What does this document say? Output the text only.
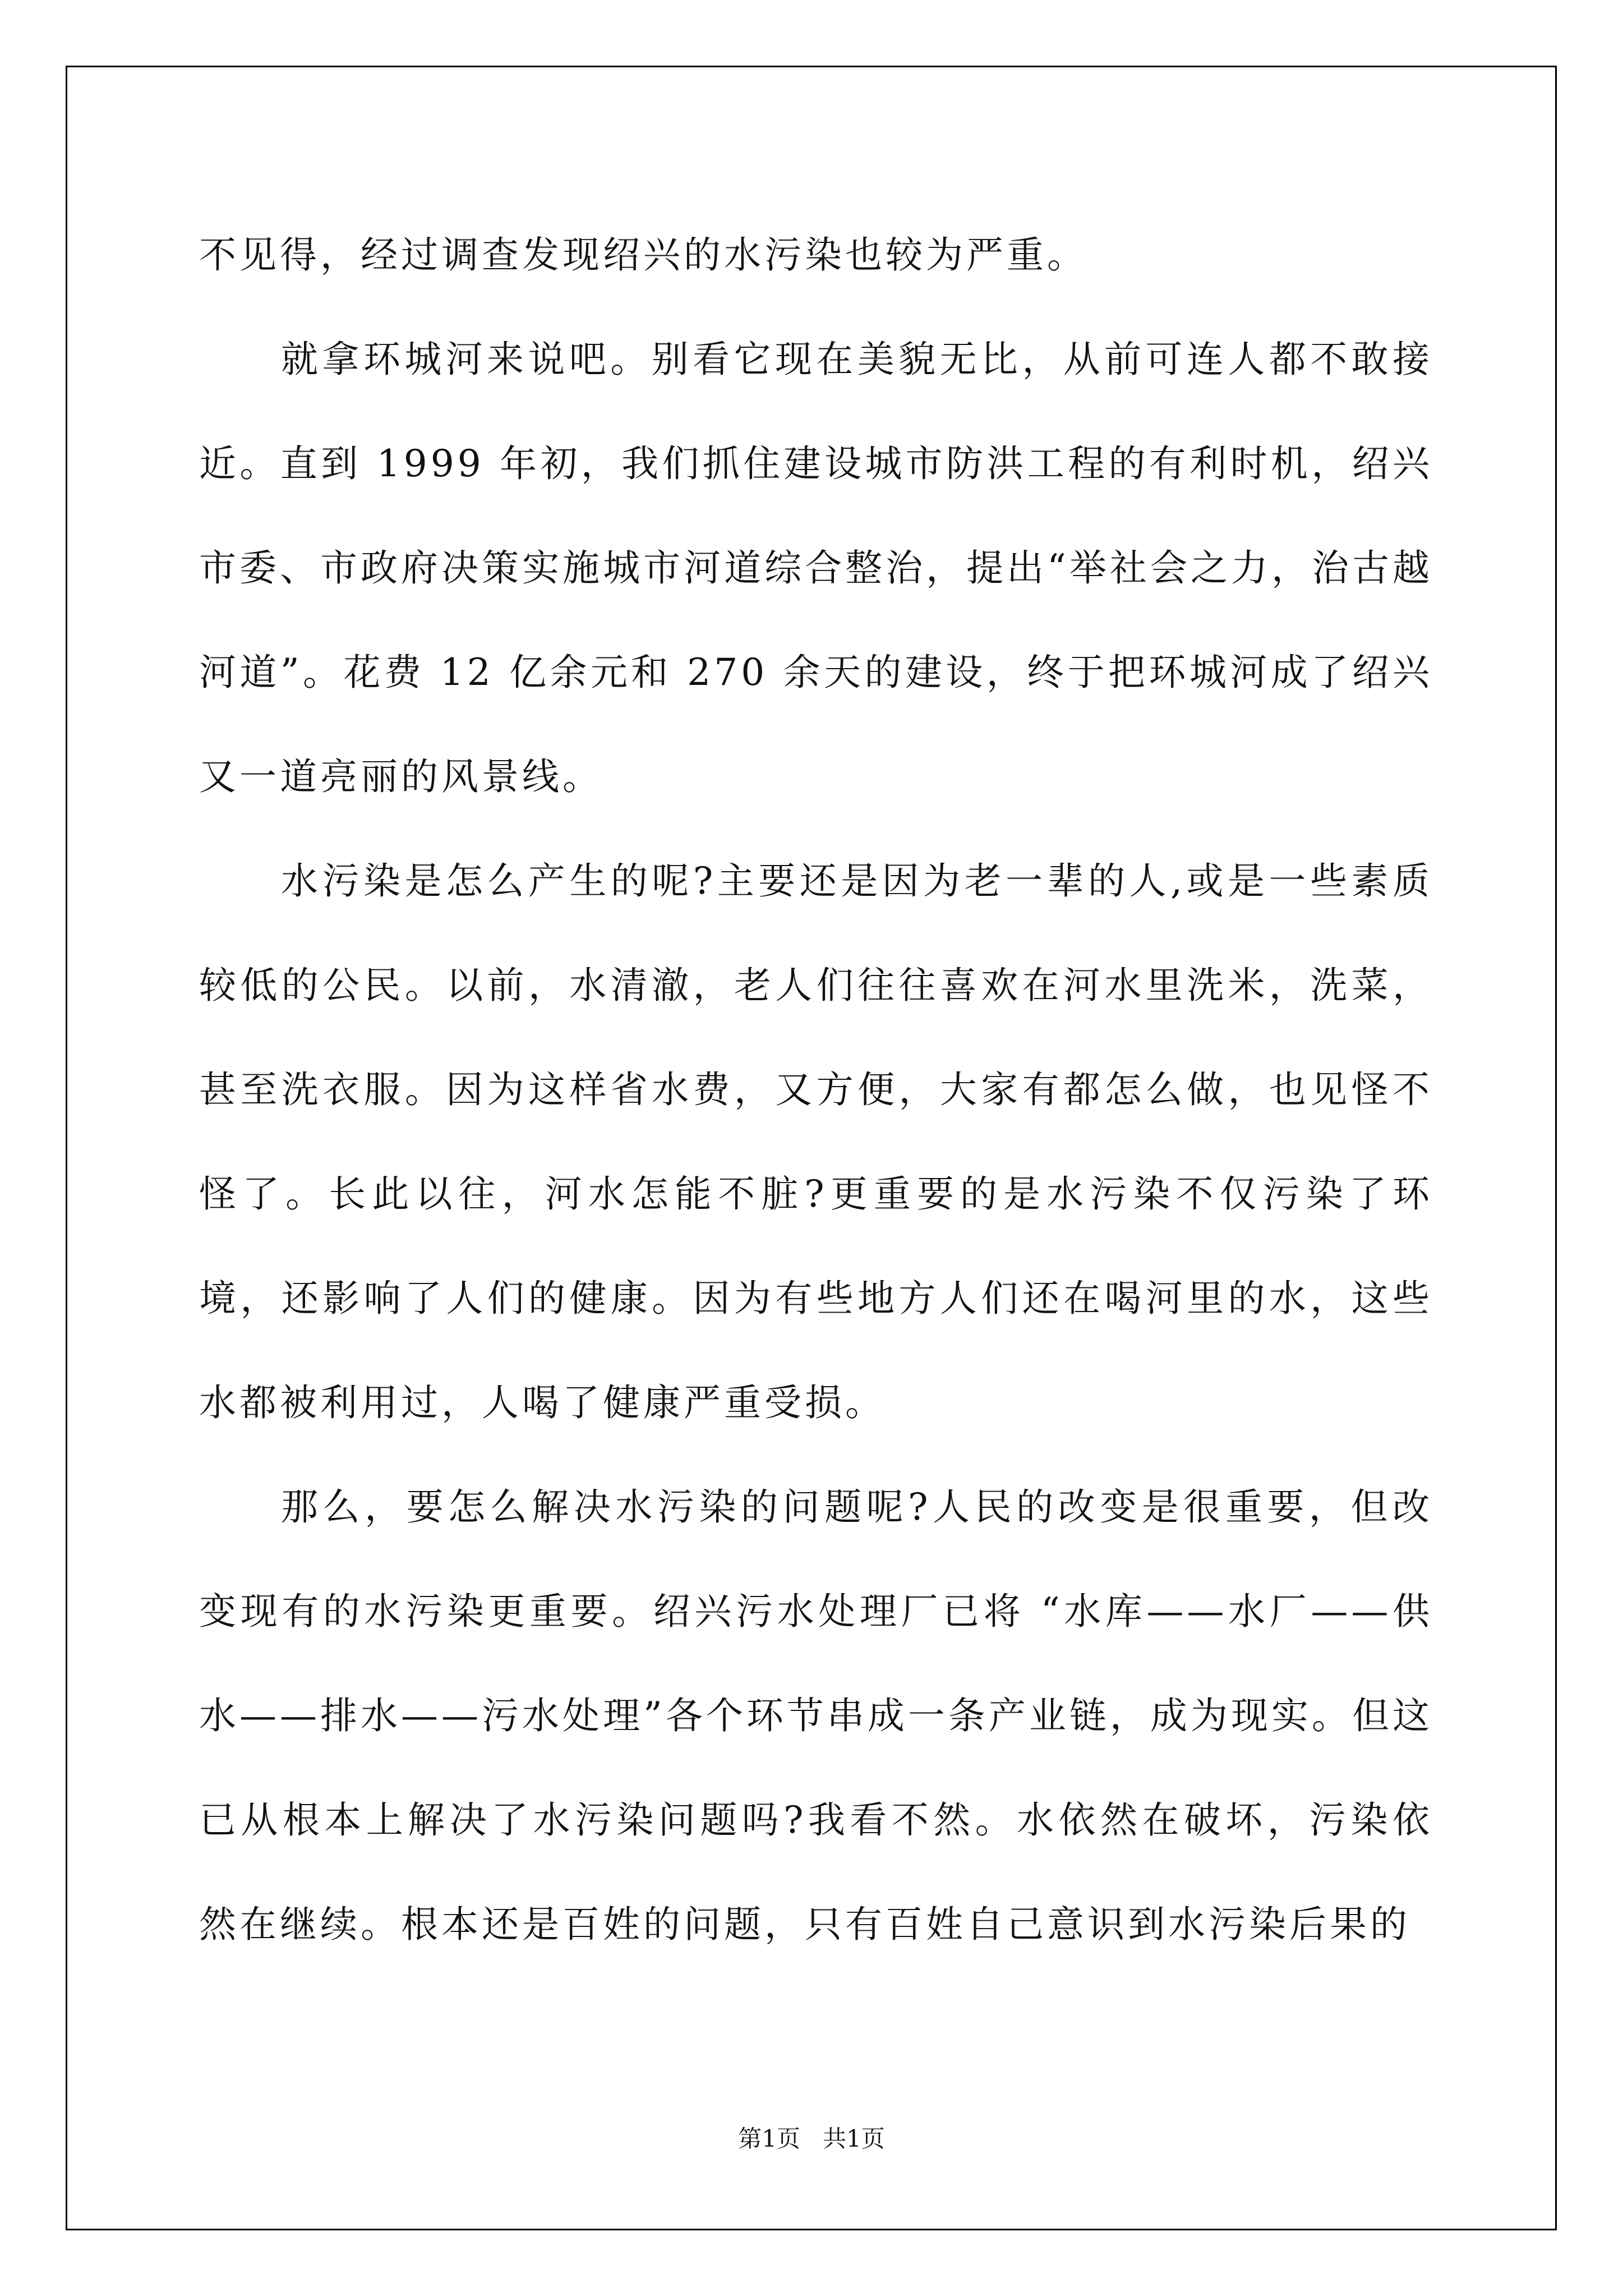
不见得，经过调查发现绍兴的水污染也较为严重。

就拿环城河来说吧。别看它现在美貌无比，从前可连人都不敢接近。直到 1999 年初，我们抓住建设城市防洪工程的有利时机，绍兴市委、市政府决策实施城市河道综合整治，提出“举社会之力，治古越河道”。花费 12 亿余元和 270 余天的建设，终于把环城河成了绍兴又一道亮丽的风景线。

水污染是怎么产生的呢?主要还是因为老一辈的人,或是一些素质较低的公民。以前，水清澈，老人们往往喜欢在河水里洗米，洗菜，甚至洗衣服。因为这样省水费，又方便，大家有都怎么做，也见怪不怪了。长此以往，河水怎能不脏?更重要的是水污染不仅污染了环境，还影响了人们的健康。因为有些地方人们还在喝河里的水，这些水都被利用过，人喝了健康严重受损。

那么，要怎么解决水污染的问题呢?人民的改变是很重要，但改变现有的水污染更重要。绍兴污水处理厂已将 “水库——水厂——供水——排水——污水处理”各个环节串成一条产业链，成为现实。但这已从根本上解决了水污染问题吗?我看不然。水依然在破坏，污染依然在继续。根本还是百姓的问题，只有百姓自己意识到水污染后果的

第1页   共1页
